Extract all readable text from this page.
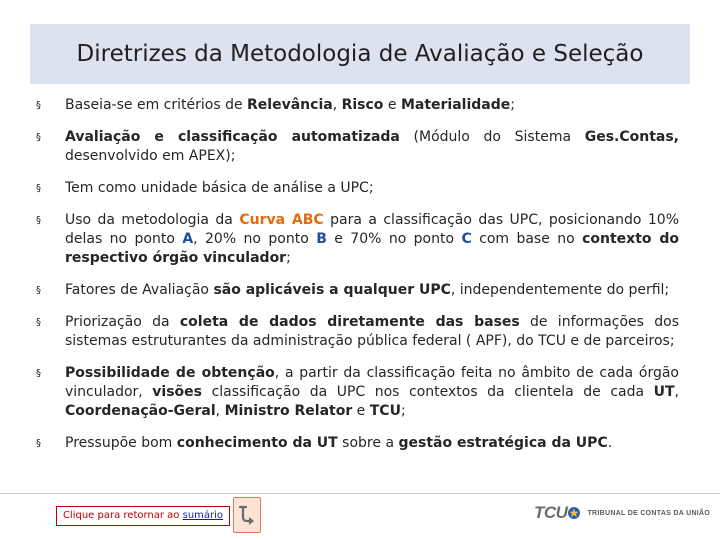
Diretrizes da Metodologia de Avaliação e Seleção
§ Baseia-se em critérios de Relevância, Risco e Materialidade;
§ Avaliação e classificação automatizada (Módulo do Sistema Ges.Contas, desenvolvido em APEX);
§ Tem como unidade básica de análise a UPC;
§ Uso da metodologia da Curva ABC para a classificação das UPC, posicionando 10% delas no ponto A, 20% no ponto B e 70% no ponto C com base no contexto do respectivo órgão vinculador;
§ Fatores de Avaliação são aplicáveis a qualquer UPC, independentemente do perfil;
§ Priorização da coleta de dados diretamente das bases de informações dos sistemas estruturantes da administração pública federal ( APF), do TCU e de parceiros;
§ Possibilidade de obtenção, a partir da classificação feita no âmbito de cada órgão vinculador, visões classificação da UPC nos contextos da clientela de cada UT, Coordenação-Geral, Ministro Relator e TCU;
§ Pressupõe bom conhecimento da UT sobre a gestão estratégica da UPC.
Clique para retornar ao sumário	TCU	TRIBUNAL DE CONTAS DA UNIÃO
